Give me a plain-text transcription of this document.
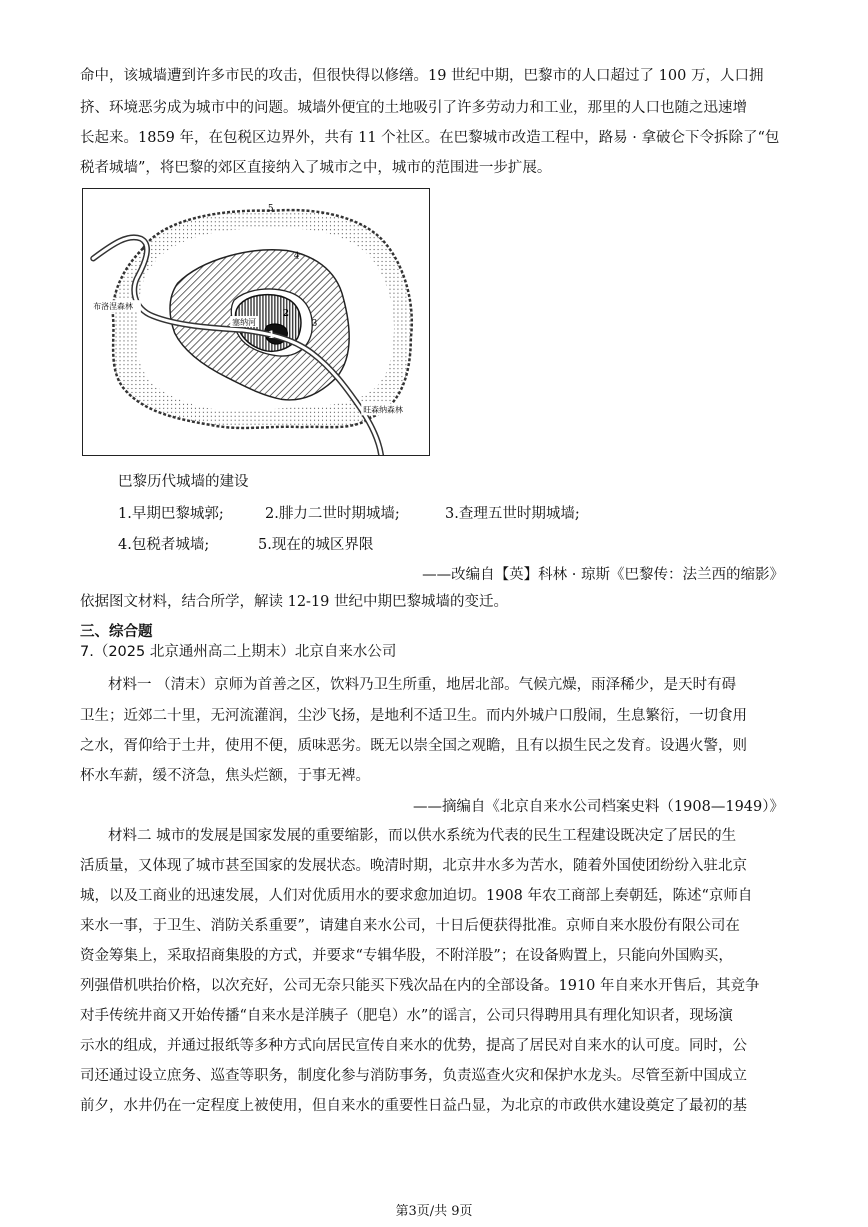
命中，该城墙遭到许多市民的攻击，但很快得以修缮。19 世纪中期，巴黎市的人口超过了 100 万，人口拥
挤、环境恶劣成为城市中的问题。城墙外便宜的土地吸引了许多劳动力和工业，那里的人口也随之迅速增
长起来。1859 年，在包税区边界外，共有 11 个社区。在巴黎城市改造工程中，路易 · 拿破仑下令拆除了“包
税者城墙”，将巴黎的郊区直接纳入了城市之中，城市的范围进一步扩展。
布洛涅森林
旺森纳森林
塞纳河
1
2
3
4
5
巴黎历代城墙的建设
1.早期巴黎城郭;	2.腓力二世时期城墙;	3.查理五世时期城墙;
4.包税者城墙;	5.现在的城区界限
——改编自【英】科林 · 琼斯《巴黎传：法兰西的缩影》
依据图文材料，结合所学，解读 12-19 世纪中期巴黎城墙的变迁。
三、综合题
7.（2025 北京通州高二上期末）北京自来水公司
材料一 （清末）京师为首善之区，饮料乃卫生所重，地居北部。气候亢燥，雨泽稀少，是天时有碍
卫生；近郊二十里，无河流灌润，尘沙飞扬，是地利不适卫生。而内外城户口殷闹，生息繁衍，一切食用
之水，胥仰给于土井，使用不便，质味恶劣。既无以崇全国之观瞻，且有以损生民之发育。设遇火警，则
杯水车薪，缓不济急，焦头烂额，于事无裨。
——摘编自《北京自来水公司档案史料（1908—1949）》
材料二 城市的发展是国家发展的重要缩影，而以供水系统为代表的民生工程建设既决定了居民的生
活质量，又体现了城市甚至国家的发展状态。晚清时期，北京井水多为苦水，随着外国使团纷纷入驻北京
城，以及工商业的迅速发展，人们对优质用水的要求愈加迫切。1908 年农工商部上奏朝廷，陈述“京师自
来水一事，于卫生、消防关系重要”，请建自来水公司，十日后便获得批准。京师自来水股份有限公司在
资金筹集上，采取招商集股的方式，并要求“专辑华股，不附洋股”；在设备购置上，只能向外国购买，
列强借机哄抬价格，以次充好，公司无奈只能买下残次品在内的全部设备。1910 年自来水开售后，其竞争
对手传统井商又开始传播“自来水是洋胰子（肥皂）水”的谣言，公司只得聘用具有理化知识者，现场演
示水的组成，并通过报纸等多种方式向居民宣传自来水的优势，提高了居民对自来水的认可度。同时，公
司还通过设立庶务、巡查等职务，制度化参与消防事务，负责巡查火灾和保护水龙头。尽管至新中国成立
前夕，水井仍在一定程度上被使用，但自来水的重要性日益凸显，为北京的市政供水建设奠定了最初的基
第3页/共 9页
